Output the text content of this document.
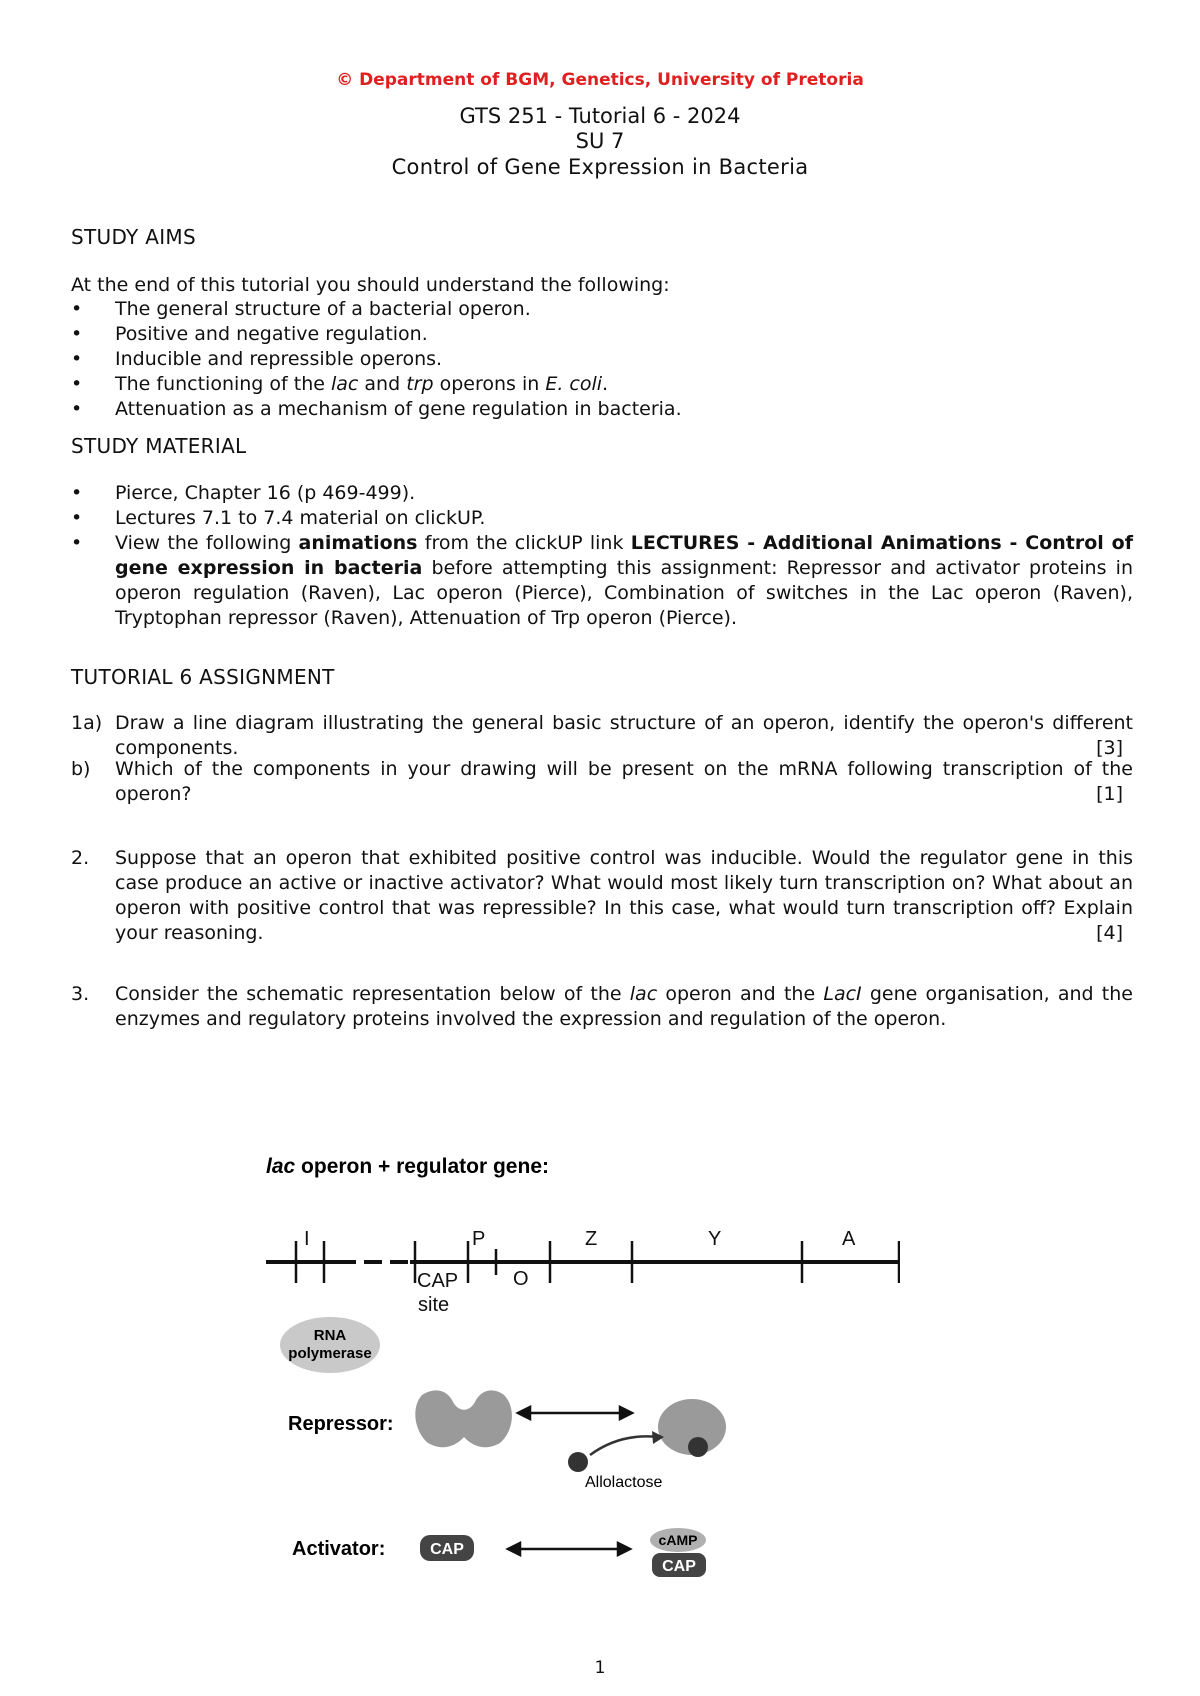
© Department of BGM, Genetics, University of Pretoria
GTS 251 - Tutorial 6 - 2024
SU 7
Control of Gene Expression in Bacteria
STUDY AIMS
At the end of this tutorial you should understand the following:
• The general structure of a bacterial operon.
• Positive and negative regulation.
• Inducible and repressible operons.
• The functioning of the lac and trp operons in E. coli.
• Attenuation as a mechanism of gene regulation in bacteria.
STUDY MATERIAL
• Pierce, Chapter 16 (p 469-499).
• Lectures 7.1 to 7.4 material on clickUP.
• View the following animations from the clickUP link LECTURES - Additional Animations - Control of gene expression in bacteria before attempting this assignment: Repressor and activator proteins in operon regulation (Raven), Lac operon (Pierce), Combination of switches in the Lac operon (Raven), Tryptophan repressor (Raven), Attenuation of Trp operon (Pierce).
TUTORIAL 6 ASSIGNMENT
1a) Draw a line diagram illustrating the general basic structure of an operon, identify the operon's different components.	[3]
b) Which of the components in your drawing will be present on the mRNA following transcription of the operon?	[1]
2. Suppose that an operon that exhibited positive control was inducible. Would the regulator gene in this case produce an active or inactive activator? What would most likely turn transcription on? What about an operon with positive control that was repressible? In this case, what would turn transcription off? Explain your reasoning.	[4]
3. Consider the schematic representation below of the lac operon and the LacI gene organisation, and the enzymes and regulatory proteins involved the expression and regulation of the operon.
lac operon + regulator gene:
I	P	Z	Y	A
O
CAP
site
RNA
polymerase
Repressor:
Allolactose
Activator:	CAP
cAMP
CAP
1
